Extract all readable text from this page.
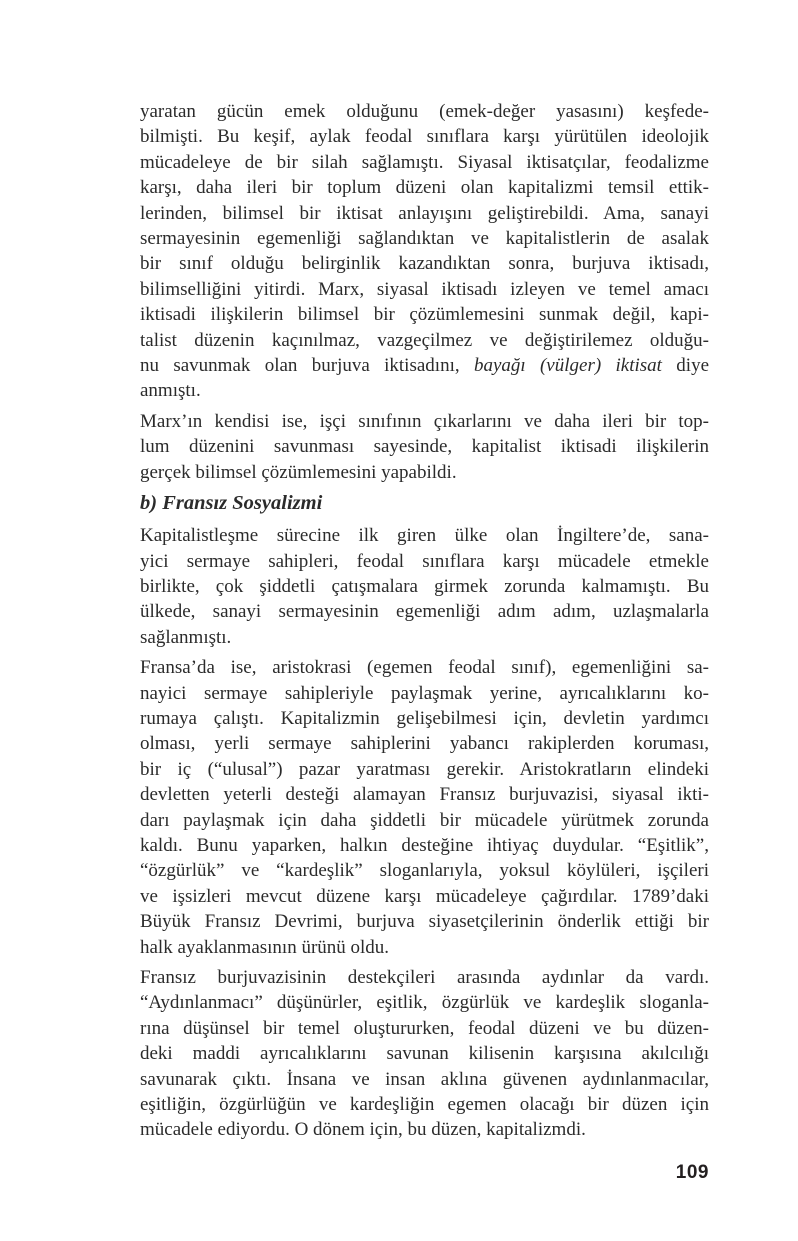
yaratan gücün emek olduğunu (emek-değer yasasını) keşfede-
bilmişti. Bu keşif, aylak feodal sınıflara karşı yürütülen ideolojik
mücadeleye de bir silah sağlamıştı. Siyasal iktisatçılar, feodalizme
karşı, daha ileri bir toplum düzeni olan kapitalizmi temsil ettik-
lerinden, bilimsel bir iktisat anlayışını geliştirebildi. Ama, sanayi
sermayesinin egemenliği sağlandıktan ve kapitalistlerin de asalak
bir sınıf olduğu belirginlik kazandıktan sonra, burjuva iktisadı,
bilimselliğini yitirdi. Marx, siyasal iktisadı izleyen ve temel amacı
iktisadi ilişkilerin bilimsel bir çözümlemesini sunmak değil, kapi-
talist düzenin kaçınılmaz, vazgeçilmez ve değiştirilemez olduğu-
nu savunmak olan burjuva iktisadını, bayağı (vülger) iktisat diye
anmıştı.

Marx’ın kendisi ise, işçi sınıfının çıkarlarını ve daha ileri bir top-
lum düzenini savunması sayesinde, kapitalist iktisadi ilişkilerin
gerçek bilimsel çözümlemesini yapabildi.

b) Fransız Sosyalizmi

Kapitalistleşme sürecine ilk giren ülke olan İngiltere’de, sana-
yici sermaye sahipleri, feodal sınıflara karşı mücadele etmekle
birlikte, çok şiddetli çatışmalara girmek zorunda kalmamıştı. Bu
ülkede, sanayi sermayesinin egemenliği adım adım, uzlaşmalarla
sağlanmıştı.

Fransa’da ise, aristokrasi (egemen feodal sınıf), egemenliğini sa-
nayici sermaye sahipleriyle paylaşmak yerine, ayrıcalıklarını ko-
rumaya çalıştı. Kapitalizmin gelişebilmesi için, devletin yardımcı
olması, yerli sermaye sahiplerini yabancı rakiplerden koruması,
bir iç (“ulusal”) pazar yaratması gerekir. Aristokratların elindeki
devletten yeterli desteği alamayan Fransız burjuvazisi, siyasal ikti-
darı paylaşmak için daha şiddetli bir mücadele yürütmek zorunda
kaldı. Bunu yaparken, halkın desteğine ihtiyaç duydular. “Eşitlik”,
“özgürlük” ve “kardeşlik” sloganlarıyla, yoksul köylüleri, işçileri
ve işsizleri mevcut düzene karşı mücadeleye çağırdılar. 1789’daki
Büyük Fransız Devrimi, burjuva siyasetçilerinin önderlik ettiği bir
halk ayaklanmasının ürünü oldu.

Fransız burjuvazisinin destekçileri arasında aydınlar da vardı.
“Aydınlanmacı” düşünürler, eşitlik, özgürlük ve kardeşlik sloganla-
rına düşünsel bir temel oluştururken, feodal düzeni ve bu düzen-
deki maddi ayrıcalıklarını savunan kilisenin karşısına akılcılığı
savunarak çıktı. İnsana ve insan aklına güvenen aydınlanmacılar,
eşitliğin, özgürlüğün ve kardeşliğin egemen olacağı bir düzen için
mücadele ediyordu. O dönem için, bu düzen, kapitalizmdi.

109
